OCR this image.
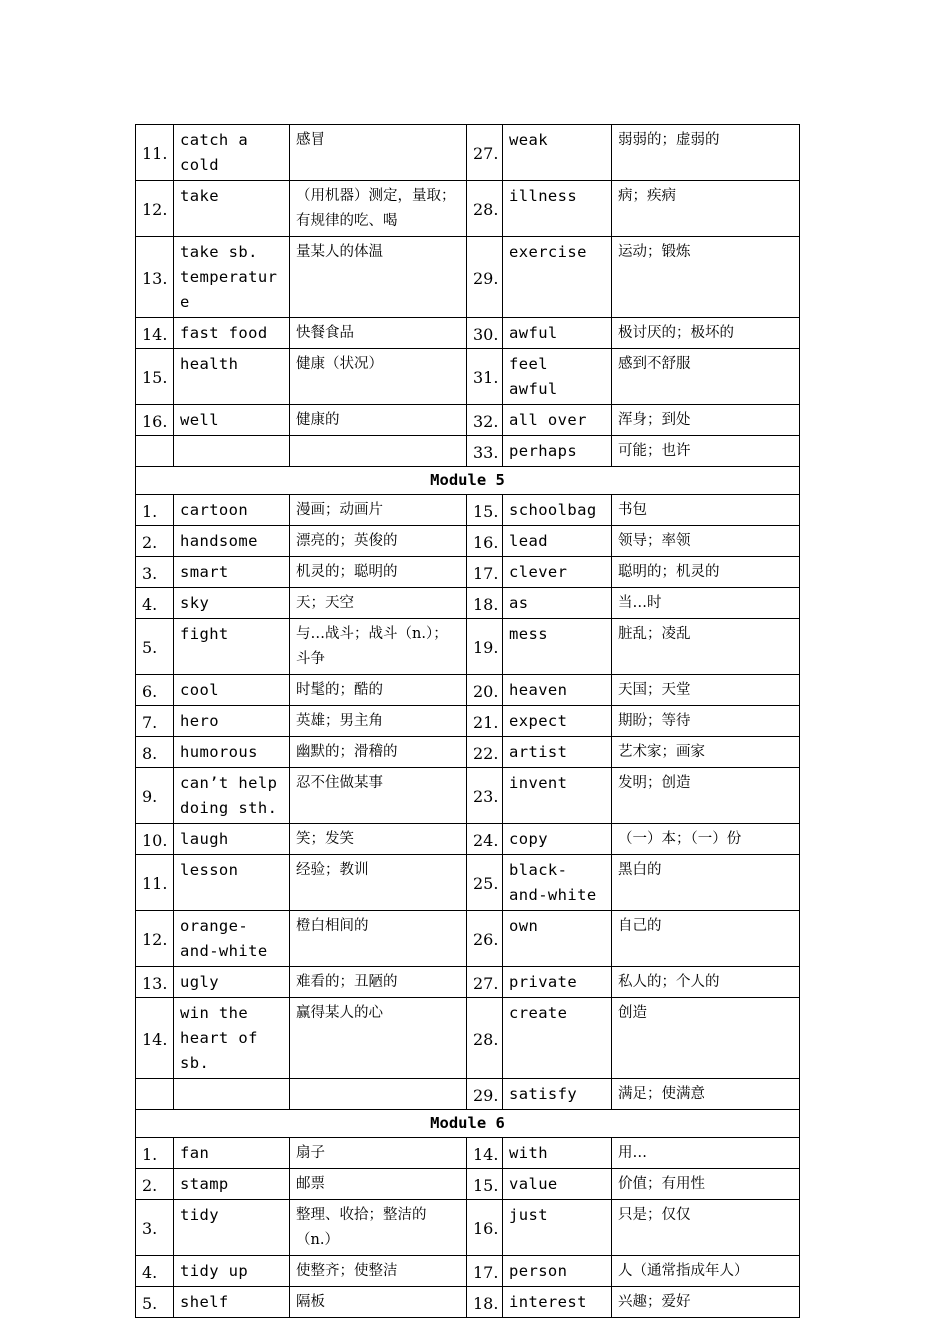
11.	catch a cold	感冒	27.	weak	弱弱的；虚弱的
12.	take	（用机器）测定，量取；有规律的吃、喝	28.	illness	病；疾病
13.	take sb. temperature	量某人的体温	29.	exercise	运动；锻炼
14.	fast food	快餐食品	30.	awful	极讨厌的；极坏的
15.	health	健康（状况）	31.	feel awful	感到不舒服
16.	well	健康的	32.	all over	浑身；到处
			33.	perhaps	可能；也许
Module 5					
1.	cartoon	漫画；动画片	15.	schoolbag	书包
2.	handsome	漂亮的；英俊的	16.	lead	领导；率领
3.	smart	机灵的；聪明的	17.	clever	聪明的；机灵的
4.	sky	天；天空	18.	as	当…时
5.	fight	与…战斗；战斗（n.）；斗争	19.	mess	脏乱；凌乱
6.	cool	时髦的；酷的	20.	heaven	天国；天堂
7.	hero	英雄；男主角	21.	expect	期盼；等待
8.	humorous	幽默的；滑稽的	22.	artist	艺术家；画家
9.	can’t help doing sth.	忍不住做某事	23.	invent	发明；创造
10.	laugh	笑；发笑	24.	copy	（一）本；（一）份
11.	lesson	经验；教训	25.	black-and-white	黑白的
12.	orange-and-white	橙白相间的	26.	own	自己的
13.	ugly	难看的；丑陋的	27.	private	私人的；个人的
14.	win the heart of sb.	赢得某人的心	28.	create	创造
			29.	satisfy	满足；使满意
Module 6					
1.	fan	扇子	14.	with	用…
2.	stamp	邮票	15.	value	价值；有用性
3.	tidy	整理、收拾；整洁的（n.）	16.	just	只是；仅仅
4.	tidy up	使整齐；使整洁	17.	person	人（通常指成年人）
5.	shelf	隔板	18.	interest	兴趣；爱好
